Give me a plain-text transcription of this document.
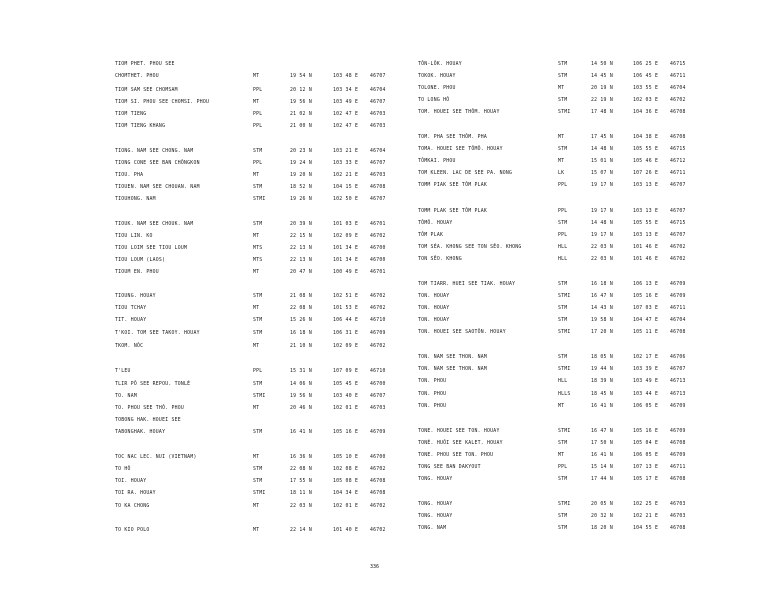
TIOM PHET. PHOU SEE
CHOMTHET. PHOU	MT	19 54 N	103 48 E 46707
TIOM SAM SEE CHOMSAM	PPL	20 12 N	103 34 E 46704
TIOM SI. PHOU SEE CHOMSI. PHOU	MT	19 56 N	103 49 E 46707
TIOM TIENG	PPL	21 02 N	102 47 E 46703
TIOM TIENG KHANG	PPL	21 00 N	102 47 E 46703
TIONG. NAM SEE CHONG. NAM	STM	20 23 N	103 21 E 46704
TIONG CONE SEE BAN CHÔNGKON	PPL	19 24 N	103 33 E 46707
TIOU. PHA	MT	19 20 N	102 21 E 46703
TIOUEN. NAM SEE CHOUAN. NAM	STM	18 52 N	104 15 E 46708
TIOUHONG. NAM	STMI	19 26 N	102 50 E 46707
TIOUK. NAM SEE CHOUK. NAM	STM	20 39 N	101 03 E 46701
TIOU LIN. KO	MT	22 15 N	102 09 E 46702
TIOU LOIM SEE TIOU LOUM	MTS	22 13 N	101 34 E 46700
TIOU LOUM (LAOS)	MTS	22 13 N	101 34 E 46700
TIOUM EN. PHOU	MT	20 47 N	100 49 E 46701
TIOUNG. HOUAY	STM	21 08 N	102 51 E 46702
TIOU TCHAY	MT	22 08 N	101 53 E 46702
TIT. HOUAY	STM	15 26 N	106 44 E 46710
T'KOI. TOM SEE TAKOY. HOUAY	STM	16 18 N	106 31 E 46709
TKOM. NÔC	MT	21 10 N	102 09 E 46702
T'LEU	PPL	15 31 N	107 09 E 46710
TLIR PÔ SEE REPOU. TONLÉ	STM	14 06 N	105 45 E 46700
TO. NAM	STMI	19 56 N	103 40 E 46707
TO. PHOU SEE THÔ. PHOU	MT	20 46 N	102 01 E 46703
TOBONG HAK. HOUEI SEE
TABONGHAK. HOUAY	STM	16 41 N	105 16 E 46709
TOC NAC LEC. NUI (VIETNAM)	MT	16 36 N	105 10 E 46700
TO HÔ	STM	22 08 N	102 08 E 46702
TOI. HOUAY	STM	17 55 N	105 08 E 46708
TOI RA. HOUAY	STMI	18 11 N	104 34 E 46708
TO KA CHONG	MT	22 03 N	102 01 E 46702
TO KIO POLO	MT	22 14 N	101 40 E 46702
TÔN-LÔK. HOUAY	STM	14 50 N	106 25 E 46715
TOKOK. HOUAY	STM	14 45 N	106 45 E 46711
TOLONE. PHOU	MT	20 19 N	103 55 E 46704
TO LONG HÔ	STM	22 19 N	102 03 E 46702
TOM. HOUEI SEE THÔM. HOUAY	STMI	17 48 N	104 36 E 46708
TOM. PHA SEE THÔM. PHA	MT	17 45 N	104 38 E 46708
TOMA. HOUEI SEE TÔMÔ. HOUAY	STM	14 48 N	105 55 E 46715
TÔMKAI. PHOU	MT	15 01 N	105 46 E 46712
TOM KLEEN. LAC DE SEE PA. NONG	LK	15 07 N	107 26 E 46711
TOMM PIAK SEE TÔM PLAK	PPL	19 17 N	103 13 E 46707
TOMM PLAK SEE TÔM PLAK	PPL	19 17 N	103 13 E 46707
TÔMÔ. HOUAY	STM	14 48 N	105 55 E 46715
TÔM PLAK	PPL	19 17 N	103 13 E 46707
TOM SÉA. KHONG SEE TON SÊO. KHONG	HLL	22 03 N	101 46 E 46702
TON SÊO. KHONG	HLL	22 03 N	101 46 E 46702
TOM TIARR. HUEI SEE TIAK. HOUAY	STM	16 18 N	106 13 E 46709
TON. HOUAY	STMI	16 47 N	105 16 E 46709
TON. HOUAY	STM	14 43 N	107 03 E 46711
TON. HOUAY	STM	19 58 N	104 47 E 46704
TON. HOUEI SEE SAOTÔN. HOUAY	STMI	17 20 N	105 11 E 46708
TON. NAM SEE THON. NAM	STM	18 05 N	102 17 E 46706
TON. NAM SEE THON. NAM	STMI	19 44 N	103 39 E 46707
TON. PHOU	HLL	18 39 N	103 49 E 46713
TON. PHOU	HLLS	18 45 N	103 44 E 46713
TON. PHOU	MT	16 41 N	106 05 E 46709
TONE. HOUEI SEE TON. HOUAY	STMI	16 47 N	105 16 E 46709
TONÉ. HUÔI SEE KALET. HOUAY	STM	17 50 N	105 04 E 46708
TONE. PHOU SEE TON. PHOU	MT	16 41 N	106 05 E 46709
TONG SEE BAN DAKYOUT	PPL	15 14 N	107 13 E 46711
TONG. HOUAY	STM	17 44 N	105 17 E 46708
TONG. HOUAY	STMI	20 05 N	102 25 E 46703
TONG. HOUAY	STM	20 32 N	102 21 E 46703
TONG. NAM	STM	18 20 N	104 55 E 46708
336
